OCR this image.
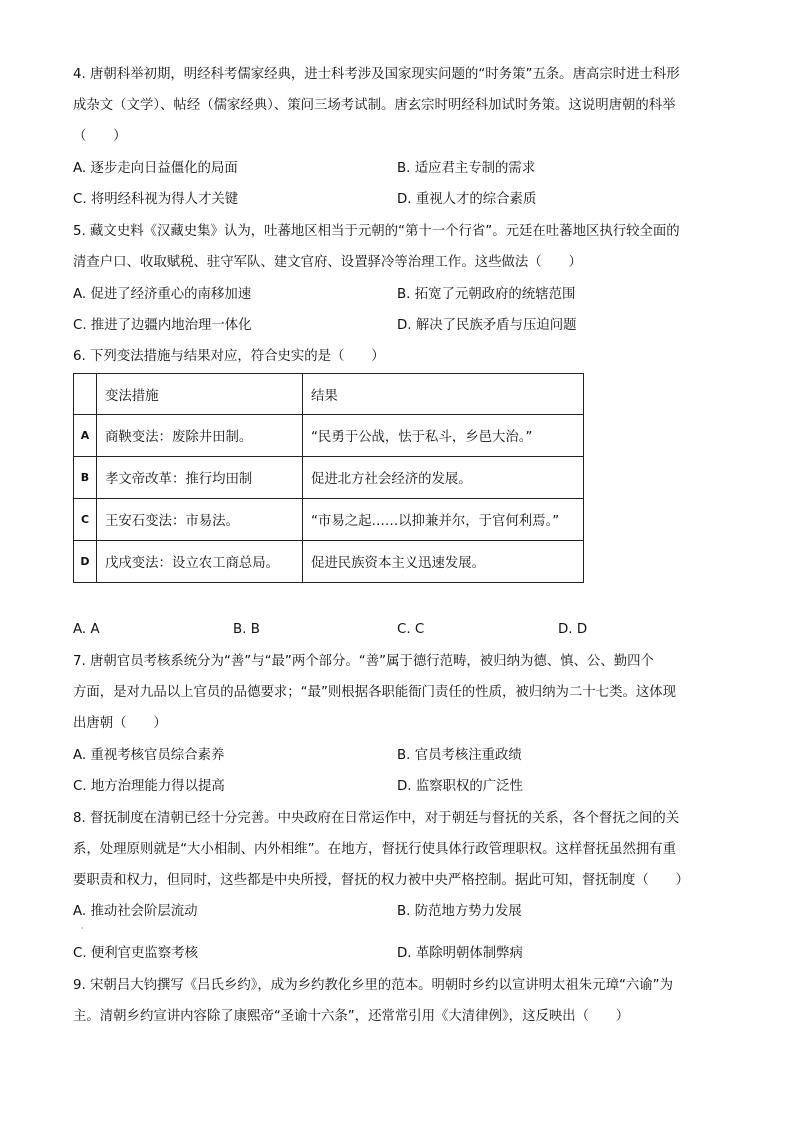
4. 唐朝科举初期，明经科考儒家经典，进士科考涉及国家现实问题的“时务策”五条。唐高宗时进士科形
成杂文（文学）、帖经（儒家经典）、策问三场考试制。唐玄宗时明经科加试时务策。这说明唐朝的科举
（　　）
A. 逐步走向日益僵化的局面	B. 适应君主专制的需求
C. 将明经科视为得人才关键	D. 重视人才的综合素质
5. 藏文史料《汉藏史集》认为，吐蕃地区相当于元朝的“第十一个行省”。元廷在吐蕃地区执行较全面的
清查户口、收取赋税、驻守军队、建文官府、设置驿冷等治理工作。这些做法（　　）
A. 促进了经济重心的南移加速	B. 拓宽了元朝政府的统辖范围
C. 推进了边疆内地治理一体化	D. 解决了民族矛盾与压迫问题
6. 下列变法措施与结果对应，符合史实的是（　　）
	变法措施	结果
A	商鞅变法：废除井田制。	“民勇于公战，怯于私斗，乡邑大治。”
B	孝文帝改革：推行均田制	促进北方社会经济的发展。
C	王安石变法：市易法。	“市易之起……以抑兼并尔，于官何利焉。”
D	戊戌变法：设立农工商总局。	促进民族资本主义迅速发展。
A. A	B. B	C. C	D. D
7. 唐朝官员考核系统分为“善”与“最”两个部分。“善”属于德行范畴，被归纳为德、慎、公、勤四个
方面，是对九品以上官员的品德要求；“最”则根据各职能衙门责任的性质，被归纳为二十七类。这体现
出唐朝（　　）
A. 重视考核官员综合素养	B. 官员考核注重政绩
C. 地方治理能力得以提高	D. 监察职权的广泛性
8. 督抚制度在清朝已经十分完善。中央政府在日常运作中，对于朝廷与督抚的关系，各个督抚之间的关
系，处理原则就是“大小相制、内外相维”。在地方，督抚行使具体行政管理职权。这样督抚虽然拥有重
要职责和权力，但同时，这些都是中央所授，督抚的权力被中央严格控制。据此可知，督抚制度（　　）
A. 推动社会阶层流动	B. 防范地方势力发展
·
C. 便利官吏监察考核	D. 革除明朝体制弊病
9. 宋朝吕大钧撰写《吕氏乡约》，成为乡约教化乡里的范本。明朝时乡约以宣讲明太祖朱元璋“六谕”为
主。清朝乡约宣讲内容除了康熙帝“圣谕十六条”，还常常引用《大清律例》，这反映出（　　）
